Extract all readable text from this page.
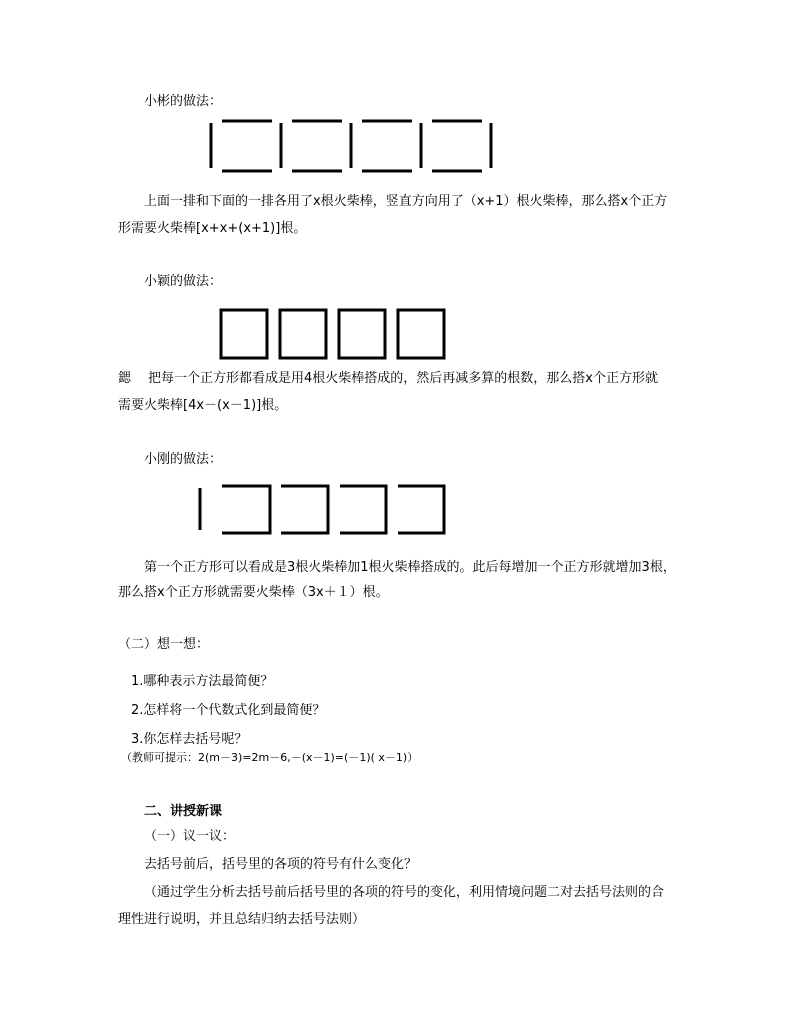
小彬的做法：
上面一排和下面的一排各用了x根火柴棒，竖直方向用了（x+1）根火柴棒，那么搭x个正方
形需要火柴棒[x+x+(x+1)]根。
小颖的做法：
鍶 把每一个正方形都看成是用4根火柴棒搭成的，然后再减多算的根数，那么搭x个正方形就
需要火柴棒[4x－(x－1)]根。
小刚的做法：
第一个正方形可以看成是3根火柴棒加1根火柴棒搭成的。此后每增加一个正方形就增加3根，
那么搭x个正方形就需要火柴棒（3x＋１）根。
（二）想一想：
1.哪种表示方法最简便？
2.怎样将一个代数式化到最简便？
3.你怎样去括号呢？
（教师可提示：2(m－3)=2m－6,－(x－1)=(－1)( x－1)）
二、讲授新课
（一）议一议：
去括号前后，括号里的各项的符号有什么变化？
（通过学生分析去括号前后括号里的各项的符号的变化，利用情境问题二对去括号法则的合
理性进行说明，并且总结归纳去括号法则）
